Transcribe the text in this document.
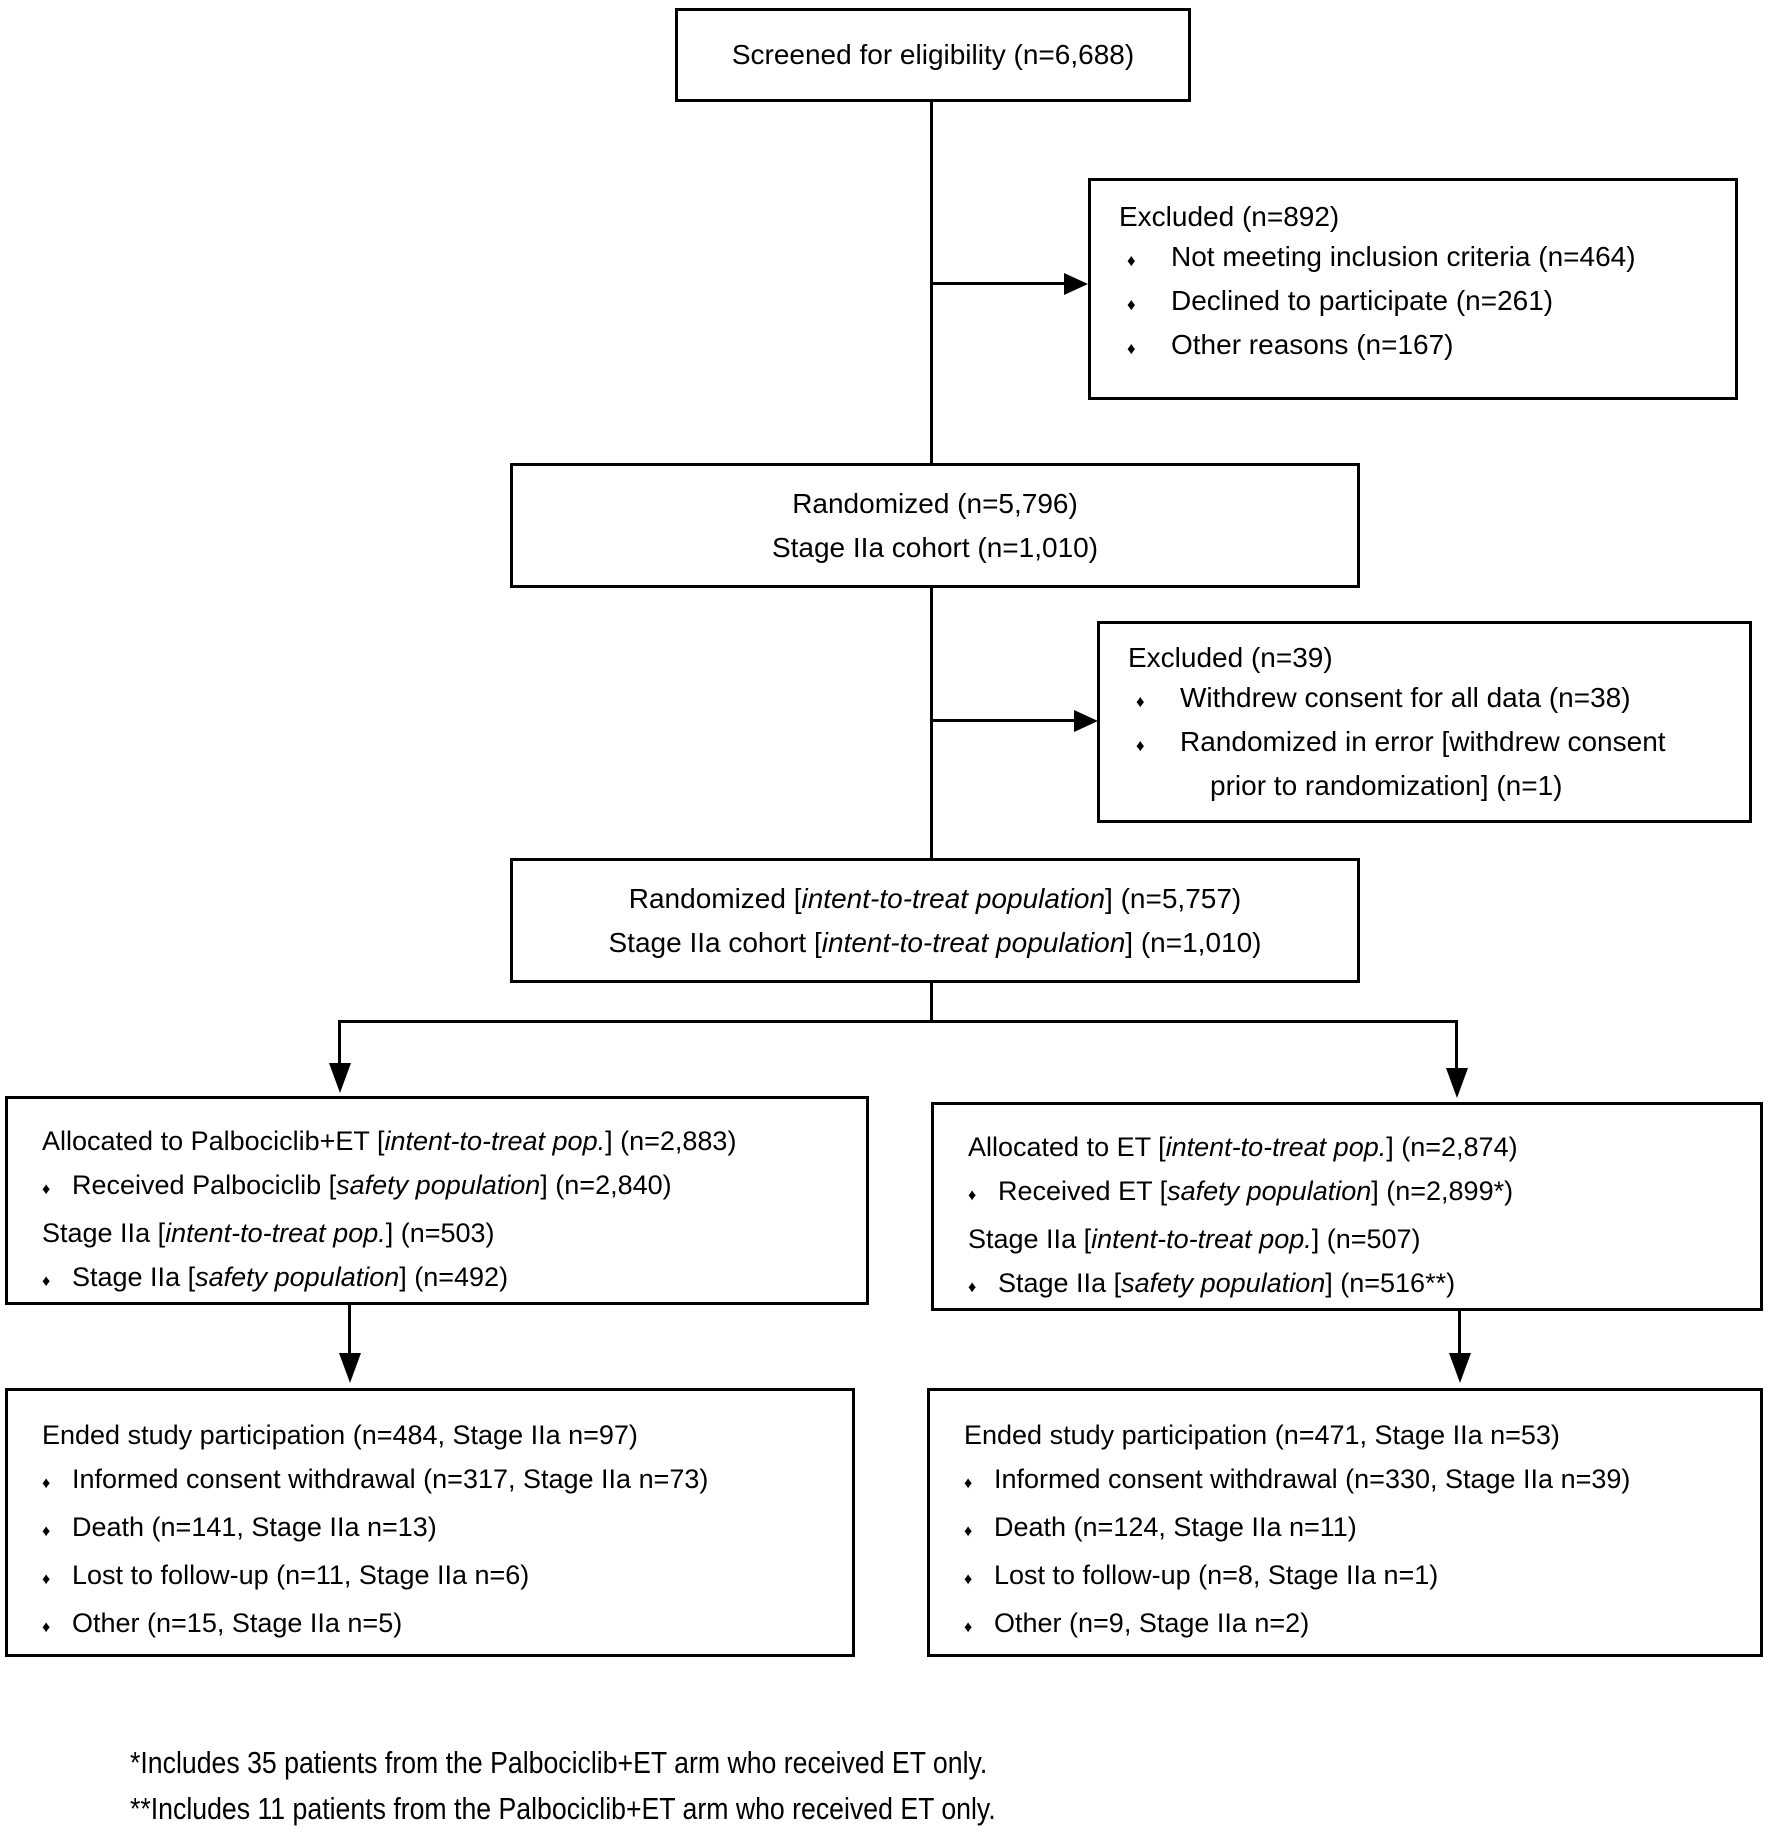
Screened for eligibility (n=6,688)
Excluded (n=892)
♦	Not meeting inclusion criteria (n=464)
♦	Declined to participate (n=261)
♦	Other reasons (n=167)
Randomized (n=5,796)
Stage IIa cohort (n=1,010)
Excluded (n=39)
♦	Withdrew consent for all data (n=38)
♦	Randomized in error [withdrew consent
prior to randomization] (n=1)
Randomized [intent-to-treat population] (n=5,757)
Stage IIa cohort [intent-to-treat population] (n=1,010)
Allocated to Palbociclib+ET [intent-to-treat pop.] (n=2,883)
♦ Received Palbociclib [safety population] (n=2,840)
Stage IIa [intent-to-treat pop.] (n=503)
♦ Stage IIa [safety population] (n=492)
Allocated to ET [intent-to-treat pop.] (n=2,874)
♦ Received ET [safety population] (n=2,899*)
Stage IIa [intent-to-treat pop.] (n=507)
♦ Stage IIa [safety population] (n=516**)
Ended study participation (n=484, Stage IIa n=97)
♦ Informed consent withdrawal (n=317, Stage IIa n=73)
♦ Death (n=141, Stage IIa n=13)
♦ Lost to follow-up (n=11, Stage IIa n=6)
♦ Other (n=15, Stage IIa n=5)
Ended study participation (n=471, Stage IIa n=53)
♦ Informed consent withdrawal (n=330, Stage IIa n=39)
♦ Death (n=124, Stage IIa n=11)
♦ Lost to follow-up (n=8, Stage IIa n=1)
♦ Other (n=9, Stage IIa n=2)
*Includes 35 patients from the Palbociclib+ET arm who received ET only.
**Includes 11 patients from the Palbociclib+ET arm who received ET only.
